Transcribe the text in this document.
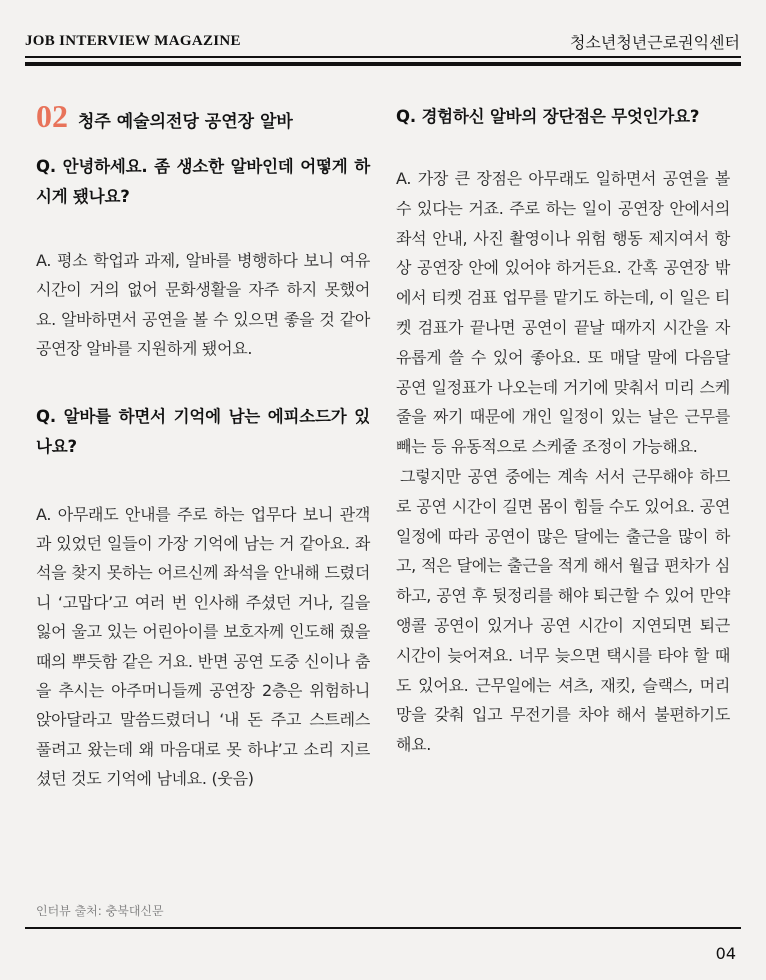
JOB INTERVIEW MAGAZINE	청소년청년근로권익센터
02 청주 예술의전당 공연장 알바

Q. 안녕하세요. 좀 생소한 알바인데 어떻게 하시게 됐나요?

A. 평소 학업과 과제, 알바를 병행하다 보니 여유시간이 거의 없어 문화생활을 자주 하지 못했어요. 알바하면서 공연을 볼 수 있으면 좋을 것 같아 공연장 알바를 지원하게 됐어요.

Q. 알바를 하면서 기억에 남는 에피소드가 있나요?

A. 아무래도 안내를 주로 하는 업무다 보니 관객과 있었던 일들이 가장 기억에 남는 거 같아요. 좌석을 찾지 못하는 어르신께 좌석을 안내해 드렸더니 ‘고맙다’고 여러 번 인사해 주셨던 거나, 길을 잃어 울고 있는 어린아이를 보호자께 인도해 줬을 때의 뿌듯함 같은 거요. 반면 공연 도중 신이나 춤을 추시는 아주머니들께 공연장 2층은 위험하니 앉아달라고 말씀드렸더니 ‘내 돈 주고 스트레스 풀려고 왔는데 왜 마음대로 못 하냐’고 소리 지르셨던 것도 기억에 남네요. (웃음)

Q. 경험하신 알바의 장단점은 무엇인가요?

A. 가장 큰 장점은 아무래도 일하면서 공연을 볼 수 있다는 거죠. 주로 하는 일이 공연장 안에서의 좌석 안내, 사진 촬영이나 위험 행동 제지여서 항상 공연장 안에 있어야 하거든요. 간혹 공연장 밖에서 티켓 검표 업무를 맡기도 하는데, 이 일은 티켓 검표가 끝나면 공연이 끝날 때까지 시간을 자유롭게 쓸 수 있어 좋아요. 또 매달 말에 다음달 공연 일정표가 나오는데 거기에 맞춰서 미리 스케줄을 짜기 때문에 개인 일정이 있는 날은 근무를 빼는 등 유동적으로 스케줄 조정이 가능해요.

그렇지만 공연 중에는 계속 서서 근무해야 하므로 공연 시간이 길면 몸이 힘들 수도 있어요. 공연 일정에 따라 공연이 많은 달에는 출근을 많이 하고, 적은 달에는 출근을 적게 해서 월급 편차가 심하고, 공연 후 뒷정리를 해야 퇴근할 수 있어 만약 앵콜 공연이 있거나 공연 시간이 지연되면 퇴근 시간이 늦어져요. 너무 늦으면 택시를 타야 할 때도 있어요. 근무일에는 셔츠, 재킷, 슬랙스, 머리망을 갖춰 입고 무전기를 차야 해서 불편하기도 해요.

인터뷰 출처: 충북대신문
04
